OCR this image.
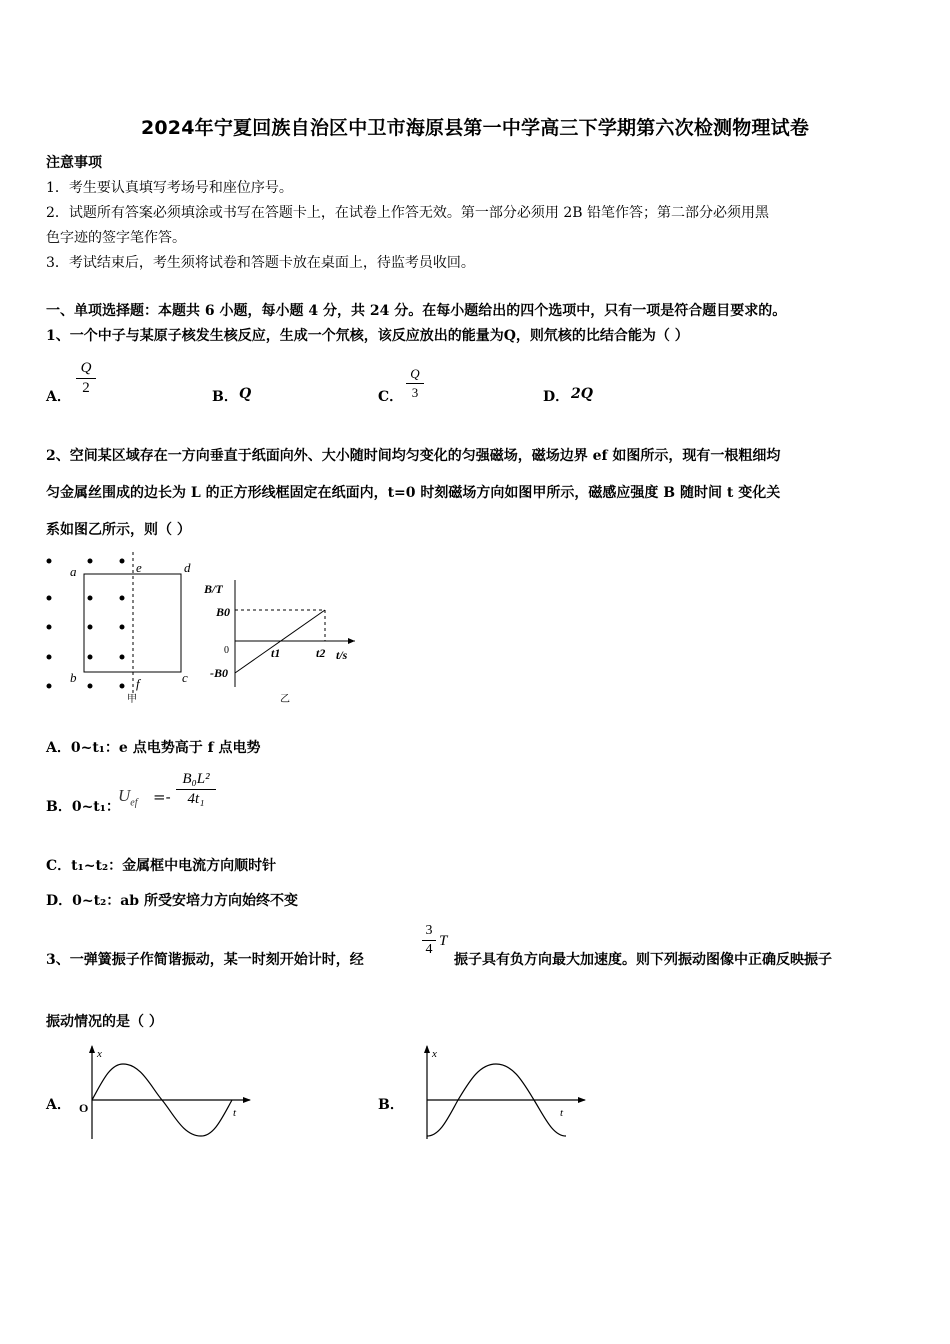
2024年宁夏回族自治区中卫市海原县第一中学高三下学期第六次检测物理试卷
注意事项
1．考生要认真填写考场号和座位序号。
2．试题所有答案必须填涂或书写在答题卡上，在试卷上作答无效。第一部分必须用 2B 铅笔作答；第二部分必须用黑
色字迹的签字笔作答。
3．考试结束后，考生须将试卷和答题卡放在桌面上，待监考员收回。
一、单项选择题：本题共 6 小题，每小题 4 分，共 24 分。在每小题给出的四个选项中，只有一项是符合题目要求的。
1、一个中子与某原子核发生核反应，生成一个氘核，该反应放出的能量为Q，则氘核的比结合能为（ ）
A．
Q
2
B． Q	C．
Q
3	D． 2Q
2、空间某区域存在一方向垂直于纸面向外、大小随时间均匀变化的匀强磁场，磁场边界 ef 如图所示，现有一根粗细均
匀金属丝围成的边长为 L 的正方形线框固定在纸面内，t=0 时刻磁场方向如图甲所示，磁感应强度 B 随时间 t 变化关
系如图乙所示，则（ ）
a	e	d
b	f	c
甲
B/T
B0
0
-B0
t1	t2 t/s
乙
A．0~t₁：e 点电势高于 f 点电势
B．0~t₁：
$U_{ef}$ =-
B₀L²
4t₁
C．t₁~t₂：金属框中电流方向顺时针
D．0~t₂：ab 所受安培力方向始终不变
3、一弹簧振子作简谐振动，某一时刻开始计时，经
3
4
T
振子具有负方向最大加速度。则下列振动图像中正确反映振子
振动情况的是（ ）
A．
x
O	t	B．
x
t
